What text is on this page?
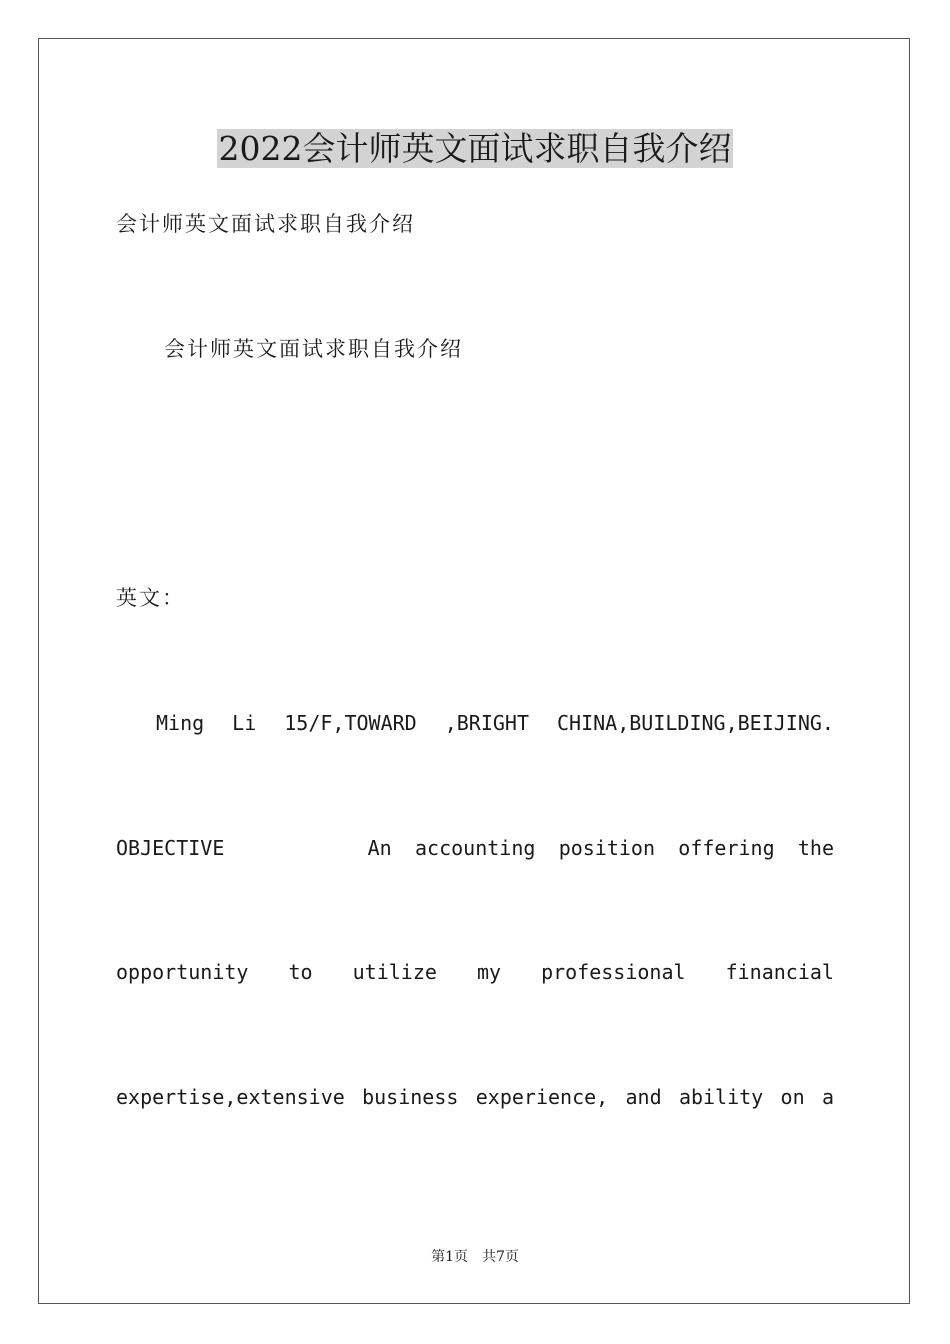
2022会计师英文面试求职自我介绍

会计师英文面试求职自我介绍

会计师英文面试求职自我介绍

英文：

Ming Li 15/F,TOWARD ,BRIGHT CHINA,BUILDING,BEIJING.

OBJECTIVE	An accounting position offering the

opportunity to utilize my professional financial

expertise,extensive business experience, and ability on a

第1页 共7页
